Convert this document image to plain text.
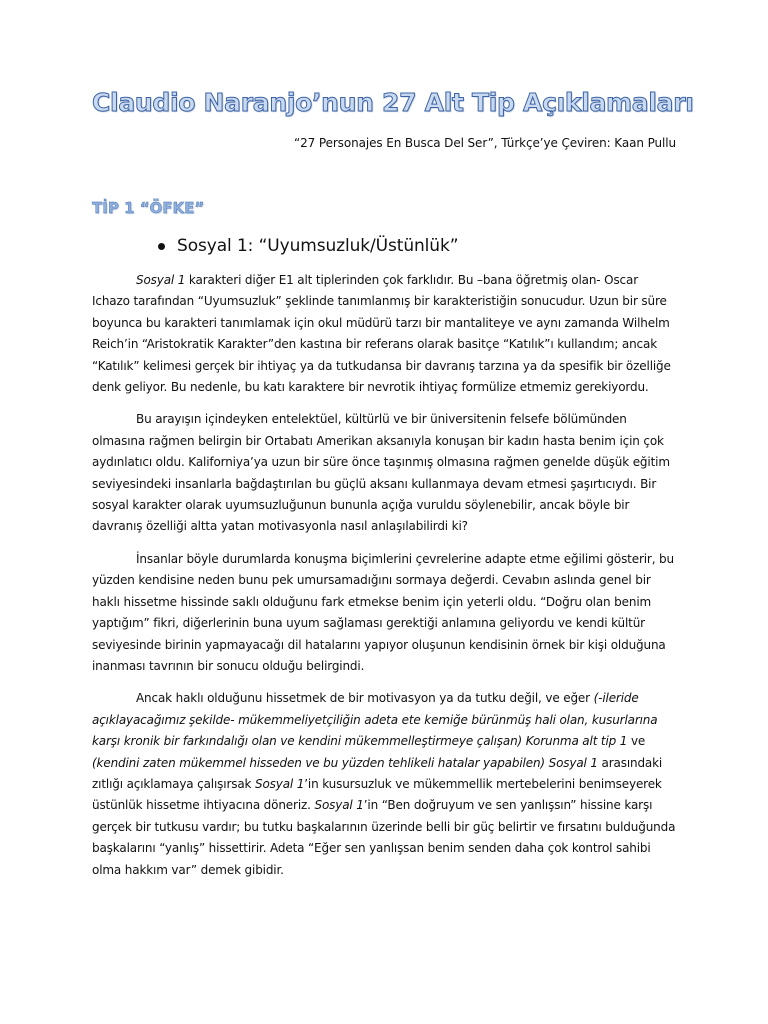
Claudio Naranjo’nun 27 Alt Tip Açıklamaları
“27 Personajes En Busca Del Ser”, Türkçe’ye Çeviren: Kaan Pullu
TİP 1 “ÖFKE”
Sosyal 1: “Uyumsuzluk/Üstünlük”

Sosyal 1 karakteri diğer E1 alt tiplerinden çok farklıdır. Bu –bana öğretmiş olan- Oscar Ichazo tarafından “Uyumsuzluk” şeklinde tanımlanmış bir karakteristiğin sonucudur. Uzun bir süre boyunca bu karakteri tanımlamak için okul müdürü tarzı bir mantaliteye ve aynı zamanda Wilhelm Reich’in “Aristokratik Karakter”den kastına bir referans olarak basitçe “Katılık”ı kullandım; ancak “Katılık” kelimesi gerçek bir ihtiyaç ya da tutkudansa bir davranış tarzına ya da spesifik bir özelliğe denk geliyor. Bu nedenle, bu katı karaktere bir nevrotik ihtiyaç formülize etmemiz gerekiyordu.

Bu arayışın içindeyken entelektüel, kültürlü ve bir üniversitenin felsefe bölümünden olmasına rağmen belirgin bir Ortabatı Amerikan aksanıyla konuşan bir kadın hasta benim için çok aydınlatıcı oldu. Kaliforniya’ya uzun bir süre önce taşınmış olmasına rağmen genelde düşük eğitim seviyesindeki insanlarla bağdaştırılan bu güçlü aksanı kullanmaya devam etmesi şaşırtıcıydı. Bir sosyal karakter olarak uyumsuzluğunun bununla açığa vuruldu söylenebilir, ancak böyle bir davranış özelliği altta yatan motivasyonla nasıl anlaşılabilirdi ki?

İnsanlar böyle durumlarda konuşma biçimlerini çevrelerine adapte etme eğilimi gösterir, bu yüzden kendisine neden bunu pek umursamadığını sormaya değerdi. Cevabın aslında genel bir haklı hissetme hissinde saklı olduğunu fark etmekse benim için yeterli oldu. “Doğru olan benim yaptığım” fikri, diğerlerinin buna uyum sağlaması gerektiği anlamına geliyordu ve kendi kültür seviyesinde birinin yapmayacağı dil hatalarını yapıyor oluşunun kendisinin örnek bir kişi olduğuna inanması tavrının bir sonucu olduğu belirgindi.

Ancak haklı olduğunu hissetmek de bir motivasyon ya da tutku değil, ve eğer (-ileride açıklayacağımız şekilde- mükemmeliyetçiliğin adeta ete kemiğe bürünmüş hali olan, kusurlarına karşı kronik bir farkındalığı olan ve kendini mükemmelleştirmeye çalışan) Korunma alt tip 1 ve (kendini zaten mükemmel hisseden ve bu yüzden tehlikeli hatalar yapabilen) Sosyal 1 arasındaki zıtlığı açıklamaya çalışırsak Sosyal 1’in kusursuzluk ve mükemmellik mertebelerini benimseyerek üstünlük hissetme ihtiyacına döneriz. Sosyal 1’in “Ben doğruyum ve sen yanlışsın” hissine karşı gerçek bir tutkusu vardır; bu tutku başkalarının üzerinde belli bir güç belirtir ve fırsatını bulduğunda başkalarını “yanlış” hissettirir. Adeta “Eğer sen yanlışsan benim senden daha çok kontrol sahibi olma hakkım var” demek gibidir.
